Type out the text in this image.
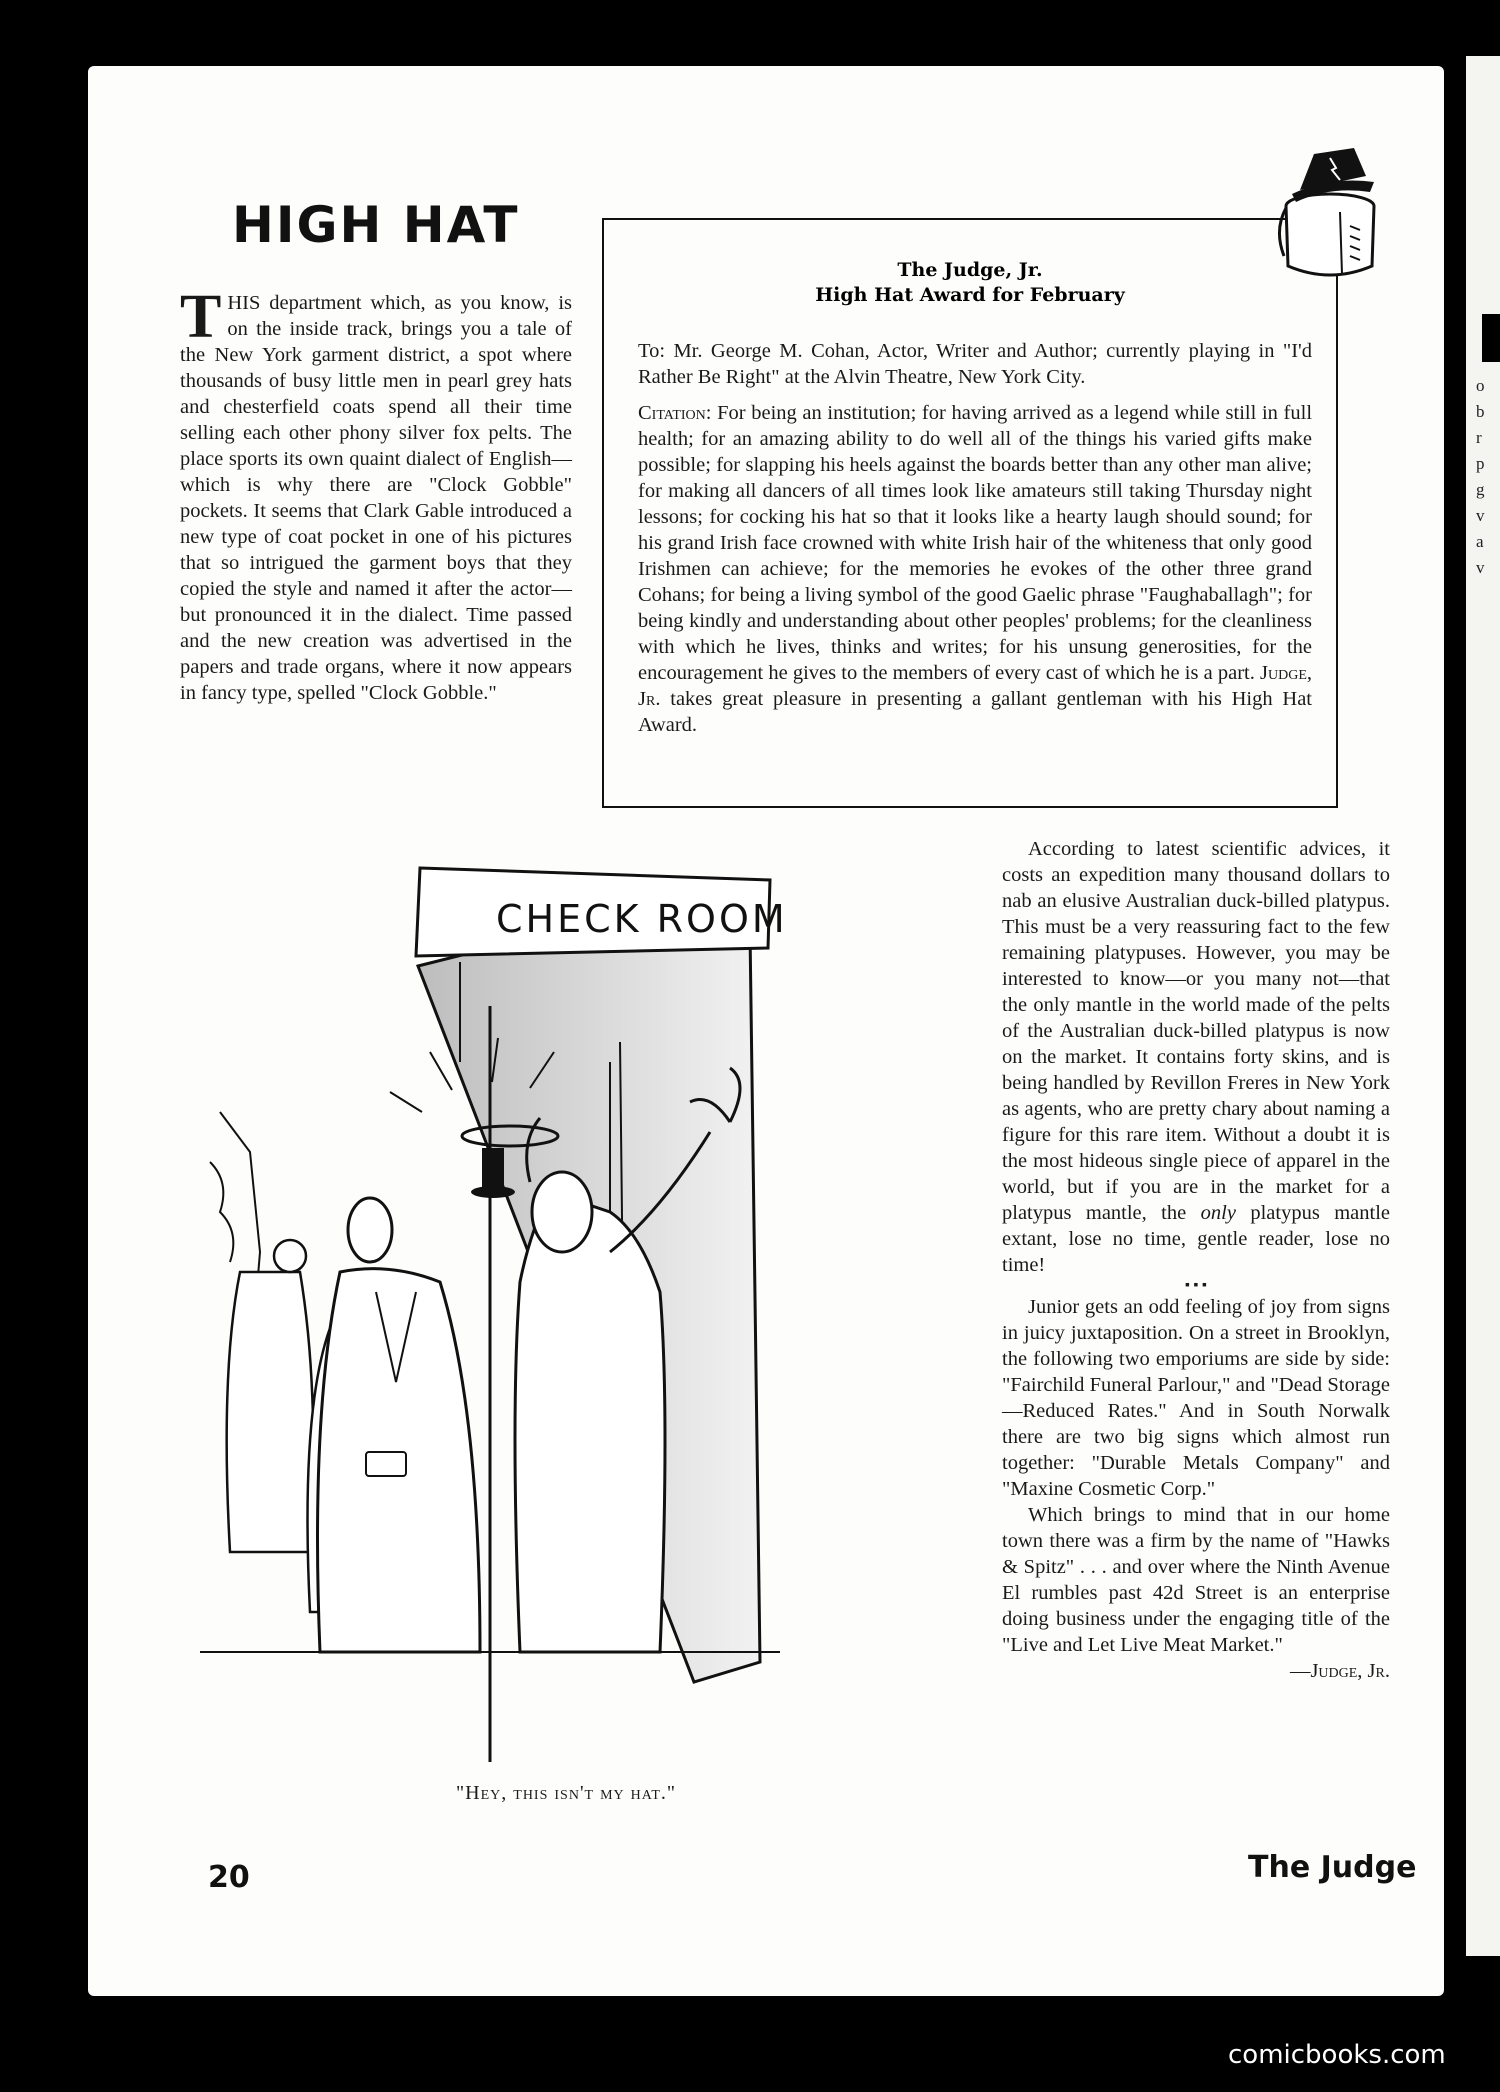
o
b
r
p
g
v
a
v
HIGH HAT

THIS department which, as you know, is on the inside track, brings you a tale of the New York garment district, a spot where thousands of busy little men in pearl grey hats and chesterfield coats spend all their time selling each other phony silver fox pelts. The place sports its own quaint dialect of English—which is why there are "Clock Gobble" pockets. It seems that Clark Gable introduced a new type of coat pocket in one of his pictures that so intrigued the garment boys that they copied the style and named it after the actor—but pronounced it in the dialect. Time passed and the new creation was advertised in the papers and trade organs, where it now appears in fancy type, spelled "Clock Gobble."

The Judge, Jr.
High Hat Award for February

To: Mr. George M. Cohan, Actor, Writer and Author; currently playing in "I'd Rather Be Right" at the Alvin Theatre, New York City.

Citation: For being an institution; for having arrived as a legend while still in full health; for an amazing ability to do well all of the things his varied gifts make possible; for slapping his heels against the boards better than any other man alive; for making all dancers of all times look like amateurs still taking Thursday night lessons; for cocking his hat so that it looks like a hearty laugh should sound; for his grand Irish face crowned with white Irish hair of the whiteness that only good Irishmen can achieve; for the memories he evokes of the other three grand Cohans; for being a living symbol of the good Gaelic phrase "Faughaballagh"; for being kindly and understanding about other peoples' problems; for the cleanliness with which he lives, thinks and writes; for his unsung generosities, for the encouragement he gives to the members of every cast of which he is a part. Judge, Jr. takes great pleasure in presenting a gallant gentleman with his High Hat Award.

CHECK ROOM

"Hey, this isn't my hat."

According to latest scientific advices, it costs an expedition many thousand dollars to nab an elusive Australian duck-billed platypus. This must be a very reassuring fact to the few remaining platypuses. However, you may be interested to know—or you many not—that the only mantle in the world made of the pelts of the Australian duck-billed platypus is now on the market. It contains forty skins, and is being handled by Revillon Freres in New York as agents, who are pretty chary about naming a figure for this rare item. Without a doubt it is the most hideous single piece of apparel in the world, but if you are in the market for a platypus mantle, the only platypus mantle extant, lose no time, gentle reader, lose no time!

▪ ▪ ▪

Junior gets an odd feeling of joy from signs in juicy juxtaposition. On a street in Brooklyn, the following two emporiums are side by side: "Fairchild Funeral Parlour," and "Dead Storage—Reduced Rates." And in South Norwalk there are two big signs which almost run together: "Durable Metals Company" and "Maxine Cosmetic Corp."

Which brings to mind that in our home town there was a firm by the name of "Hawks & Spitz" . . . and over where the Ninth Avenue El rumbles past 42d Street is an enterprise doing business under the engaging title of the "Live and Let Live Meat Market."

—Judge, Jr.

20	The Judge

comicbooks.com
